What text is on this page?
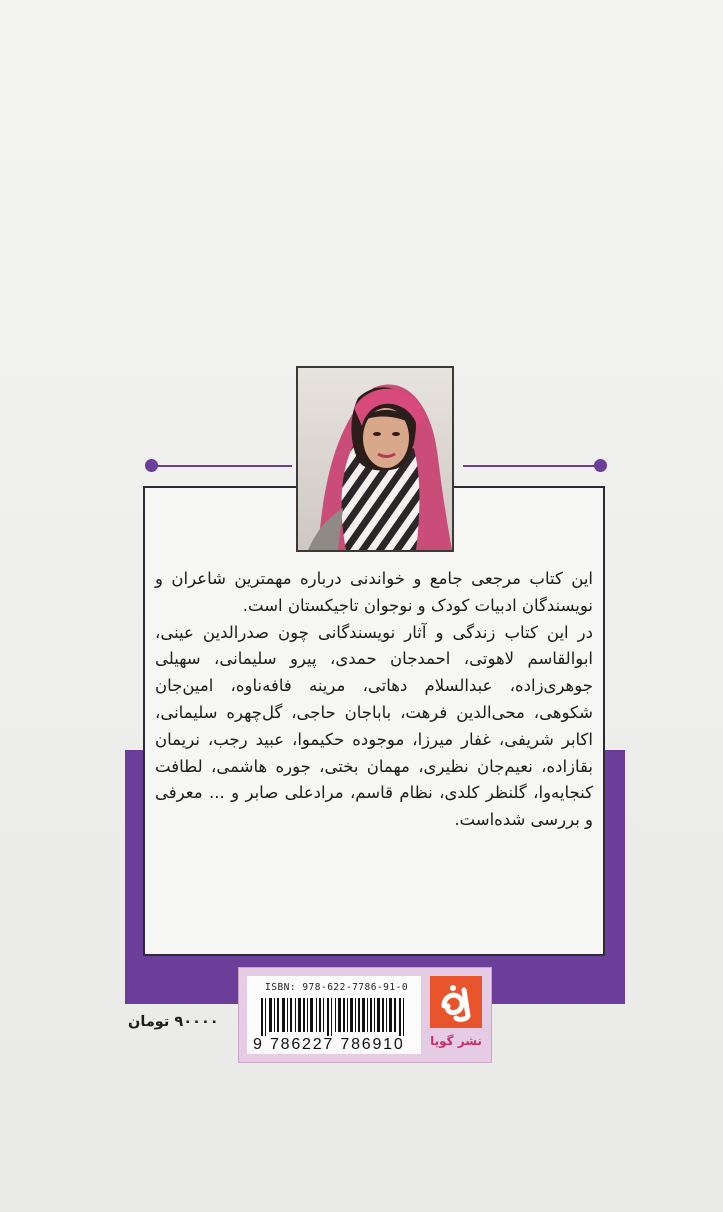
این کتاب مرجعی جامع و خواندنی درباره مهمترین شاعران و نویسندگان ادبیات کودک و نوجوان تاجیکستان است.

در این کتاب زندگی و آثار نویسندگانی چون صدرالدین عینی، ابوالقاسم لاهوتی، احمدجان حمدی، پیرو سلیمانی، سهیلی جوهری‌زاده، عبدالسلام دهاتی، مرینه فافه‌ناوه، امین‌جان شکوهی، محی‌الدین فرهت، باباجان حاجی، گل‌چهره سلیمانی، اکابر شریفی، غفار میرزا، موجوده حکیموا، عبید رجب، نریمان بقازاده، نعیم‌جان نظیری، مهمان بختی، جوره هاشمی، لطافت کنجایه‌وا، گلنظر کلدی، نظام قاسم، مرادعلی صابر و ... معرفی و بررسی شده‌است.

ISBN: 978-622-7786-91-0
9 786227 786910	نشر گویا
۹۰۰۰۰ تومان
